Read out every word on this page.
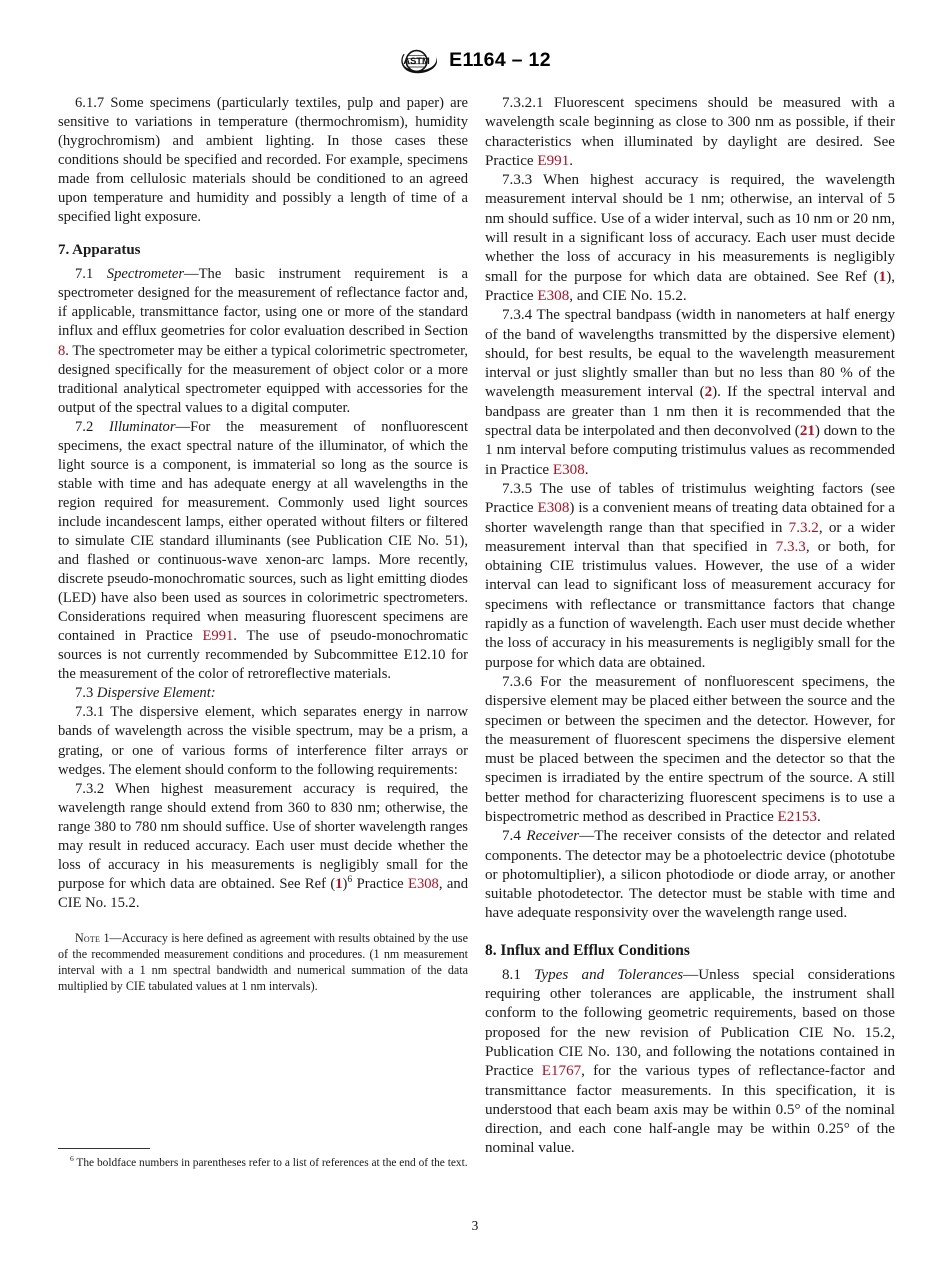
ASTM E1164 – 12

6.1.7 Some specimens (particularly textiles, pulp and paper) are sensitive to variations in temperature (thermochromism), humidity (hygrochromism) and ambient lighting. In those cases these conditions should be specified and recorded. For example, specimens made from cellulosic materials should be conditioned to an agreed upon temperature and humidity and possibly a length of time of a specified light exposure.

7. Apparatus

7.1 Spectrometer—The basic instrument requirement is a spectrometer designed for the measurement of reflectance factor and, if applicable, transmittance factor, using one or more of the standard influx and efflux geometries for color evaluation described in Section 8. The spectrometer may be either a typical colorimetric spectrometer, designed specifically for the measurement of object color or a more traditional analytical spectrometer equipped with accessories for the output of the spectral values to a digital computer.

7.2 Illuminator—For the measurement of nonfluorescent specimens, the exact spectral nature of the illuminator, of which the light source is a component, is immaterial so long as the source is stable with time and has adequate energy at all wavelengths in the region required for measurement. Commonly used light sources include incandescent lamps, either operated without filters or filtered to simulate CIE standard illuminants (see Publication CIE No. 51), and flashed or continuous-wave xenon-arc lamps. More recently, discrete pseudo-monochromatic sources, such as light emitting diodes (LED) have also been used as sources in colorimetric spectrometers. Considerations required when measuring fluorescent specimens are contained in Practice E991. The use of pseudo-monochromatic sources is not currently recommended by Subcommittee E12.10 for the measurement of the color of retroreflective materials.

7.3 Dispersive Element:

7.3.1 The dispersive element, which separates energy in narrow bands of wavelength across the visible spectrum, may be a prism, a grating, or one of various forms of interference filter arrays or wedges. The element should conform to the following requirements:

7.3.2 When highest measurement accuracy is required, the wavelength range should extend from 360 to 830 nm; otherwise, the range 380 to 780 nm should suffice. Use of shorter wavelength ranges may result in reduced accuracy. Each user must decide whether the loss of accuracy in his measurements is negligibly small for the purpose for which data are obtained. See Ref (1)$^6$ Practice E308, and CIE No. 15.2.

Note 1—Accuracy is here defined as agreement with results obtained by the use of the recommended measurement conditions and procedures. (1 nm measurement interval with a 1 nm spectral bandwidth and numerical summation of the data multiplied by CIE tabulated values at 1 nm intervals).

7.3.2.1 Fluorescent specimens should be measured with a wavelength scale beginning as close to 300 nm as possible, if their characteristics when illuminated by daylight are desired. See Practice E991.

7.3.3 When highest accuracy is required, the wavelength measurement interval should be 1 nm; otherwise, an interval of 5 nm should suffice. Use of a wider interval, such as 10 nm or 20 nm, will result in a significant loss of accuracy. Each user must decide whether the loss of accuracy in his measurements is negligibly small for the purpose for which data are obtained. See Ref (1), Practice E308, and CIE No. 15.2.

7.3.4 The spectral bandpass (width in nanometers at half energy of the band of wavelengths transmitted by the dispersive element) should, for best results, be equal to the wavelength measurement interval or just slightly smaller than but no less than 80 % of the wavelength measurement interval (2). If the spectral interval and bandpass are greater than 1 nm then it is recommended that the spectral data be interpolated and then deconvolved (21) down to the 1 nm interval before computing tristimulus values as recommended in Practice E308.

7.3.5 The use of tables of tristimulus weighting factors (see Practice E308) is a convenient means of treating data obtained for a shorter wavelength range than that specified in 7.3.2, or a wider measurement interval than that specified in 7.3.3, or both, for obtaining CIE tristimulus values. However, the use of a wider interval can lead to significant loss of measurement accuracy for specimens with reflectance or transmittance factors that change rapidly as a function of wavelength. Each user must decide whether the loss of accuracy in his measurements is negligibly small for the purpose for which data are obtained.

7.3.6 For the measurement of nonfluorescent specimens, the dispersive element may be placed either between the source and the specimen or between the specimen and the detector. However, for the measurement of fluorescent specimens the dispersive element must be placed between the specimen and the detector so that the specimen is irradiated by the entire spectrum of the source. A still better method for characterizing fluorescent specimens is to use a bispectrometric method as described in Practice E2153.

7.4 Receiver—The receiver consists of the detector and related components. The detector may be a photoelectric device (phototube or photomultiplier), a silicon photodiode or diode array, or another suitable photodetector. The detector must be stable with time and have adequate responsivity over the wavelength range used.

8. Influx and Efflux Conditions

8.1 Types and Tolerances—Unless special considerations requiring other tolerances are applicable, the instrument shall conform to the following geometric requirements, based on those proposed for the new revision of Publication CIE No. 15.2, Publication CIE No. 130, and following the notations contained in Practice E1767, for the various types of reflectance-factor and transmittance factor measurements. In this specification, it is understood that each beam axis may be within 0.5° of the nominal direction, and each cone half-angle may be within 0.25° of the nominal value.

$^6$ The boldface numbers in parentheses refer to a list of references at the end of the text.

3
